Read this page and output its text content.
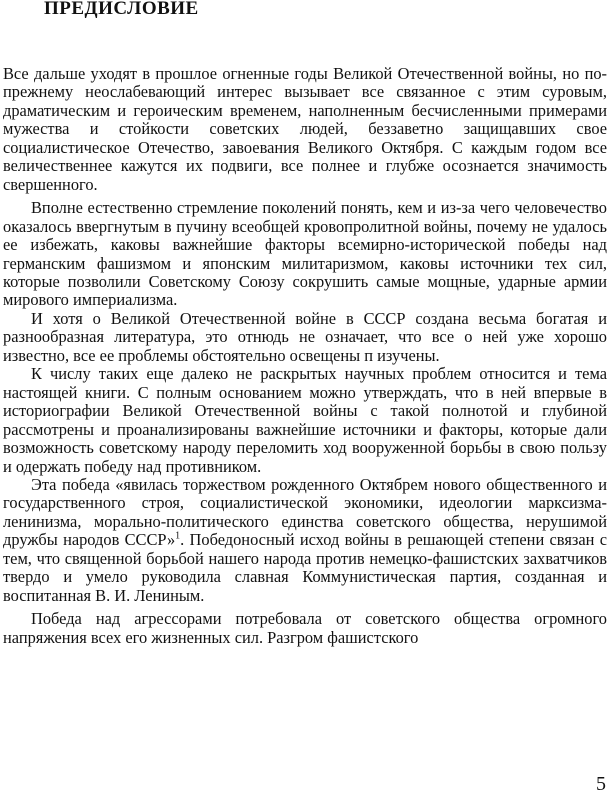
ПРЕДИСЛОВИЕ

Все дальше уходят в прошлое огненные годы Великой Отечественной войны, но по-прежнему неослабевающий интерес вызывает все связанное с этим суровым, драматическим и героическим временем, наполненным бесчисленными примерами мужества и стойкости советских людей, беззаветно защищавших свое социалистическое Отечество, завоевания Великого Октября. С каждым годом все величественнее кажутся их подвиги, все полнее и глубже осознается значимость свершенного.

Вполне естественно стремление поколений понять, кем и из-за чего человечество оказалось ввергнутым в пучину всеобщей кровопролитной войны, почему не удалось ее избежать, каковы важнейшие факторы всемирно-исторической победы над германским фашизмом и японским милитаризмом, каковы источники тех сил, которые позволили Советскому Союзу сокрушить самые мощные, ударные армии мирового империализма.

И хотя о Великой Отечественной войне в СССР создана весьма богатая и разнообразная литература, это отнюдь не означает, что все о ней уже хорошо известно, все ее проблемы обстоятельно освещены п изучены.

К числу таких еще далеко не раскрытых научных проблем относится и тема настоящей книги. С полным основанием можно утверждать, что в ней впервые в историографии Великой Отечественной войны с такой полнотой и глубиной рассмотрены и проанализированы важнейшие источники и факторы, которые дали возможность советскому народу переломить ход вооруженной борьбы в свою пользу и одержать победу над противником.

Эта победа «явилась торжеством рожденного Октябрем нового общественного и государственного строя, социалистической экономики, идеологии марксизма-ленинизма, морально-политического единства советского общества, нерушимой дружбы народов СССР»$^1$. Победоносный исход войны в решающей степени связан с тем, что священной борьбой нашего народа против немецко-фашистских захватчиков твердо и умело руководила славная Коммунистическая партия, созданная и воспитанная В. И. Лениным.

Победа над агрессорами потребовала от советского общества огромного напряжения всех его жизненных сил. Разгром фашистского

5
